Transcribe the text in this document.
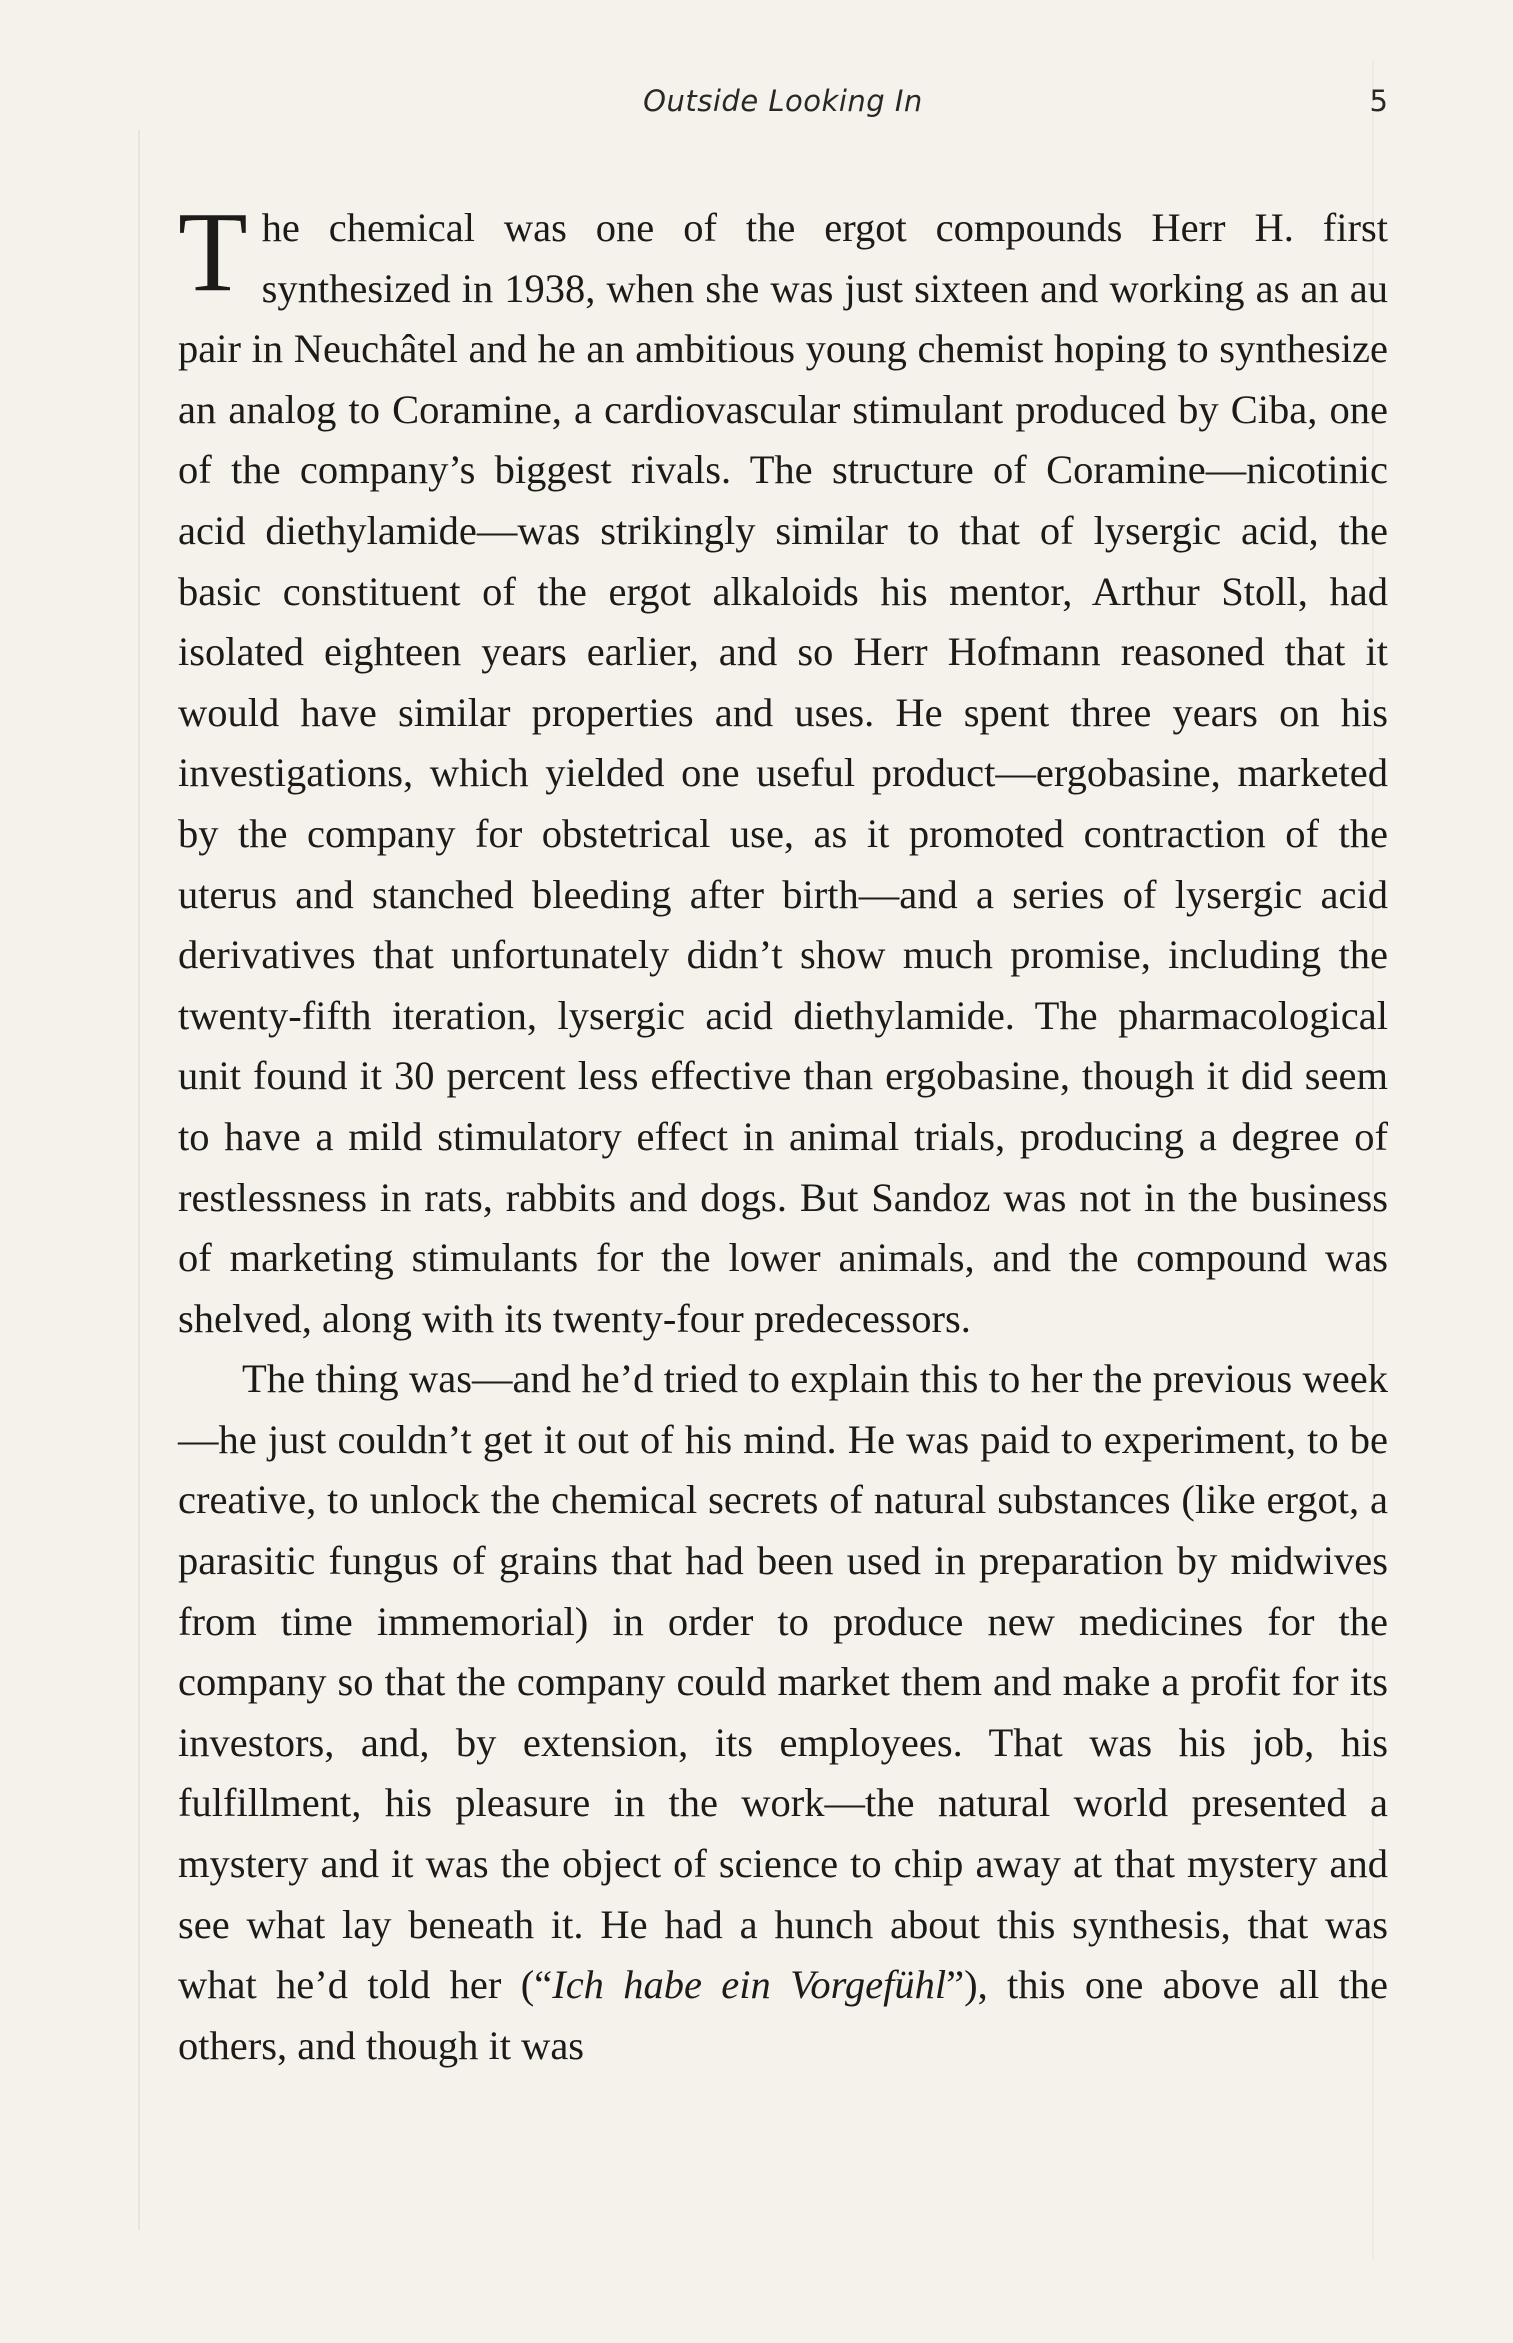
Outside Looking In	5

The chemical was one of the ergot compounds Herr H. first synthesized in 1938, when she was just sixteen and working as an au pair in Neuchâtel and he an ambitious young chemist hoping to synthesize an analog to Coramine, a cardiovascular stimulant produced by Ciba, one of the company’s biggest rivals. The structure of Coramine—nicotinic acid diethylamide—was strikingly similar to that of lysergic acid, the basic constituent of the ergot alkaloids his mentor, Arthur Stoll, had isolated eighteen years earlier, and so Herr Hofmann reasoned that it would have similar properties and uses. He spent three years on his investigations, which yielded one useful product—ergobasine, marketed by the company for obstetrical use, as it promoted contraction of the uterus and stanched bleeding after birth—and a series of lysergic acid derivatives that unfortunately didn’t show much promise, including the twenty-fifth iteration, lysergic acid diethylamide. The pharmacological unit found it 30 percent less effective than ergobasine, though it did seem to have a mild stimulatory effect in animal trials, producing a degree of restlessness in rats, rabbits and dogs. But Sandoz was not in the business of marketing stimulants for the lower animals, and the compound was shelved, along with its twenty-four predecessors.

The thing was—and he’d tried to explain this to her the previous week—he just couldn’t get it out of his mind. He was paid to experiment, to be creative, to unlock the chemical secrets of natural substances (like ergot, a parasitic fungus of grains that had been used in preparation by midwives from time immemorial) in order to produce new medicines for the company so that the company could market them and make a profit for its investors, and, by extension, its employees. That was his job, his fulfillment, his pleasure in the work—the natural world presented a mystery and it was the object of science to chip away at that mystery and see what lay beneath it. He had a hunch about this synthesis, that was what he’d told her (“Ich habe ein Vorgefühl”), this one above all the others, and though it was
